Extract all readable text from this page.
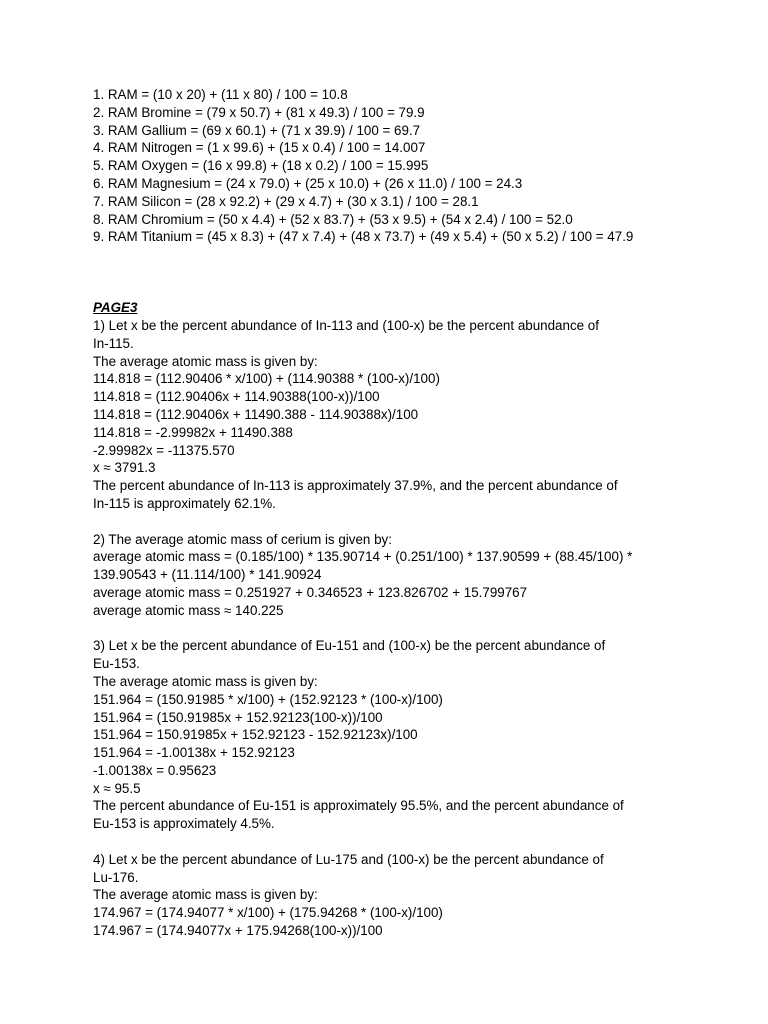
1. RAM = (10 x 20) + (11 x 80) / 100 = 10.8
2. RAM Bromine = (79 x 50.7) + (81 x 49.3) / 100 = 79.9
3. RAM Gallium = (69 x 60.1) + (71 x 39.9) / 100 = 69.7
4. RAM Nitrogen = (1 x 99.6) + (15 x 0.4) / 100 = 14.007
5. RAM Oxygen = (16 x 99.8) + (18 x 0.2) / 100 = 15.995
6. RAM Magnesium = (24 x 79.0) + (25 x 10.0) + (26 x 11.0) / 100 = 24.3
7. RAM Silicon = (28 x 92.2) + (29 x 4.7) + (30 x 3.1) / 100 = 28.1
8. RAM Chromium = (50 x 4.4) + (52 x 83.7) + (53 x 9.5) + (54 x 2.4) / 100 = 52.0
9. RAM Titanium = (45 x 8.3) + (47 x 7.4) + (48 x 73.7) + (49 x 5.4) + (50 x 5.2) / 100 = 47.9
PAGE3
1) Let x be the percent abundance of In-113 and (100-x) be the percent abundance of
In-115.
The average atomic mass is given by:
114.818 = (112.90406 * x/100) + (114.90388 * (100-x)/100)
114.818 = (112.90406x + 114.90388(100-x))/100
114.818 = (112.90406x + 11490.388 - 114.90388x)/100
114.818 = -2.99982x + 11490.388
-2.99982x = -11375.570
x ≈ 3791.3
The percent abundance of In-113 is approximately 37.9%, and the percent abundance of
In-115 is approximately 62.1%.
2) The average atomic mass of cerium is given by:
average atomic mass = (0.185/100) * 135.90714 + (0.251/100) * 137.90599 + (88.45/100) *
139.90543 + (11.114/100) * 141.90924
average atomic mass = 0.251927 + 0.346523 + 123.826702 + 15.799767
average atomic mass ≈ 140.225
3) Let x be the percent abundance of Eu-151 and (100-x) be the percent abundance of
Eu-153.
The average atomic mass is given by:
151.964 = (150.91985 * x/100) + (152.92123 * (100-x)/100)
151.964 = (150.91985x + 152.92123(100-x))/100
151.964 = 150.91985x + 152.92123 - 152.92123x)/100
151.964 = -1.00138x + 152.92123
-1.00138x = 0.95623
x ≈ 95.5
The percent abundance of Eu-151 is approximately 95.5%, and the percent abundance of
Eu-153 is approximately 4.5%.
4) Let x be the percent abundance of Lu-175 and (100-x) be the percent abundance of
Lu-176.
The average atomic mass is given by:
174.967 = (174.94077 * x/100) + (175.94268 * (100-x)/100)
174.967 = (174.94077x + 175.94268(100-x))/100
